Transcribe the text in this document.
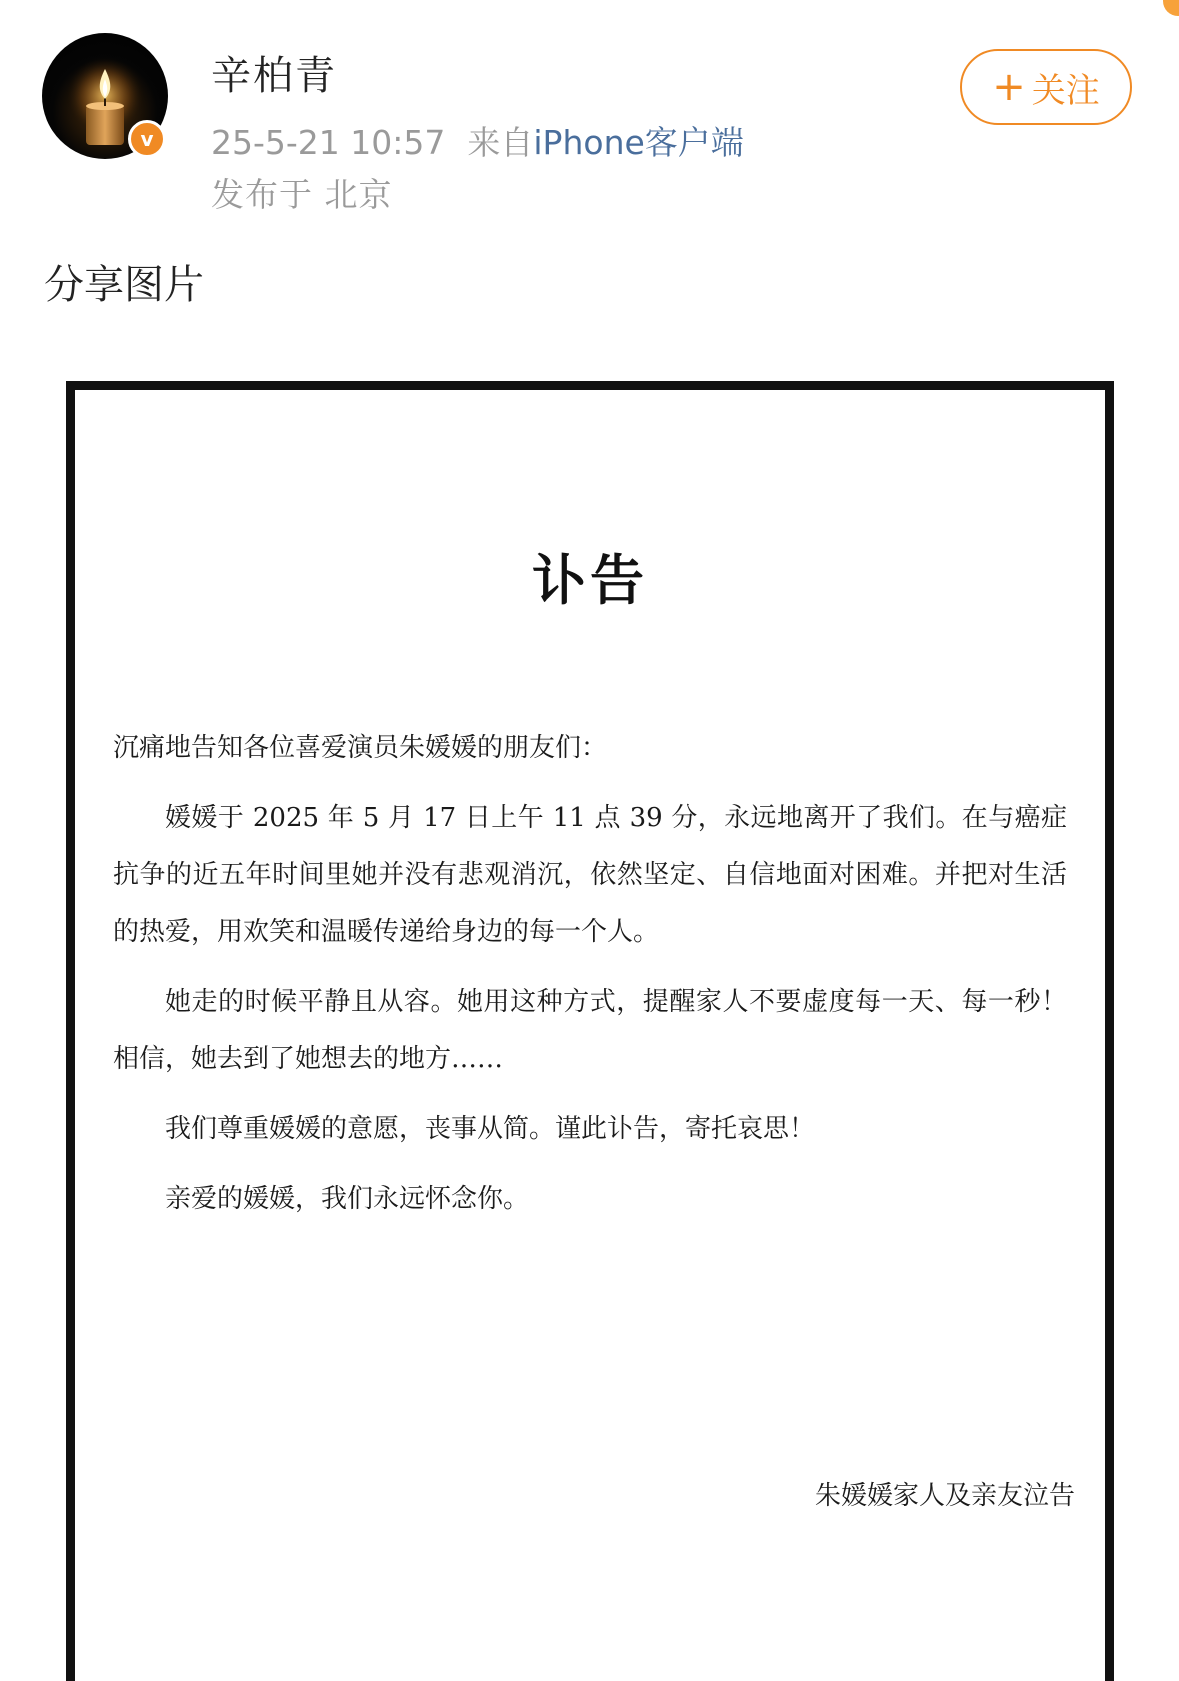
v
辛柏青
25-5-21 10:57 来自iPhone客户端
发布于 北京
+ 关注
分享图片
讣告
沉痛地告知各位喜爱演员朱媛媛的朋友们：

媛媛于 2025 年 5 月 17 日上午 11 点 39 分，永远地离开了我们。在与癌症抗争的近五年时间里她并没有悲观消沉，依然坚定、自信地面对困难。并把对生活的热爱，用欢笑和温暖传递给身边的每一个人。

她走的时候平静且从容。她用这种方式，提醒家人不要虚度每一天、每一秒！相信，她去到了她想去的地方……

我们尊重媛媛的意愿，丧事从简。谨此讣告，寄托哀思！

亲爱的媛媛，我们永远怀念你。

朱媛媛家人及亲友泣告
